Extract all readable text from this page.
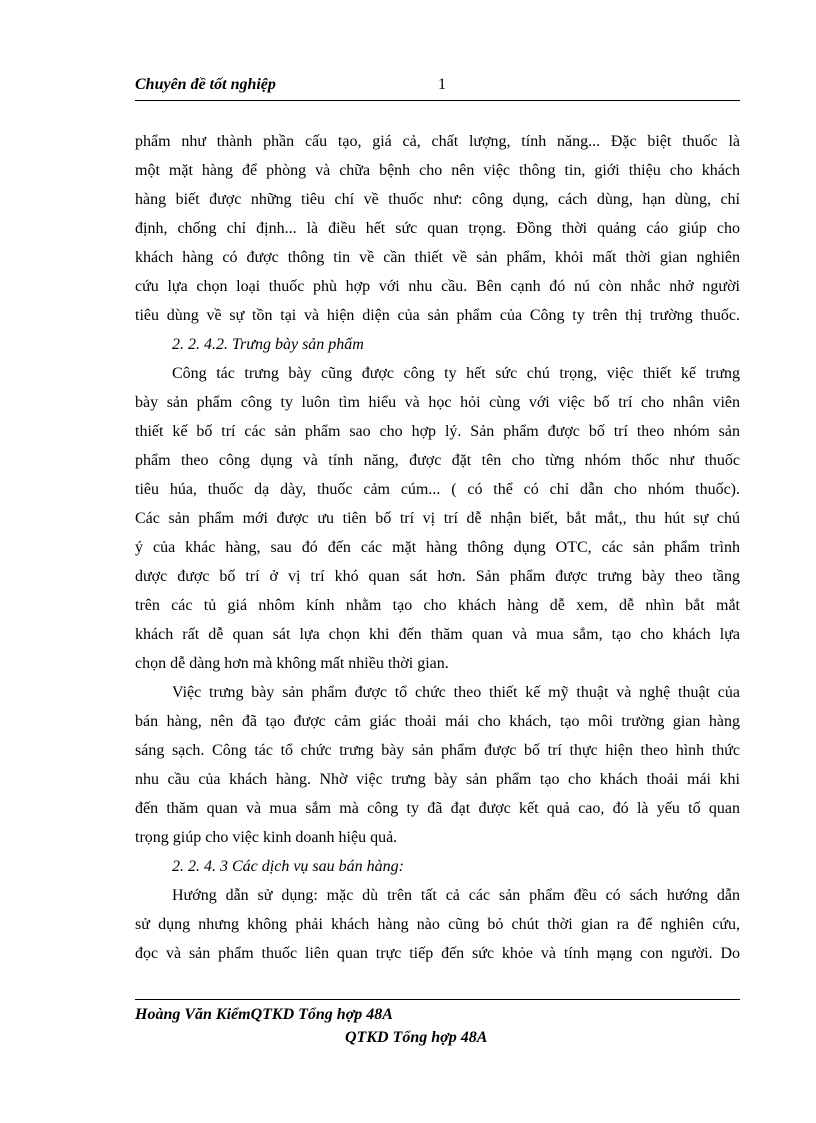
Chuyên đề tốt nghiệp	1
phẩm như thành phần cấu tạo, giá cả, chất lượng, tính năng... Đặc biệt thuốc là
một mặt hàng để phòng và chữa bệnh cho nên việc thông tin, giới thiệu cho khách
hàng biết được những tiêu chí về thuốc như: công dụng, cách dùng, hạn dùng, chỉ
định, chống chỉ định... là điều hết sức quan trọng. Đồng thời quảng cáo giúp cho
khách hàng có được thông tin về cần thiết về sản phẩm, khỏi mất thời gian nghiên
cứu lựa chọn loại thuốc phù hợp với nhu cầu. Bên cạnh đó nú còn nhắc nhở người
tiêu dùng về sự tồn tại và hiện diện của sản phẩm của Công ty trên thị trường thuốc.
2. 2. 4.2. Trưng bày sản phẩm
Công tác trưng bày cũng được công ty hết sức chú trọng, việc thiết kế trưng
bày sản phẩm công ty luôn tìm hiểu và học hỏi cùng với việc bố trí cho nhân viên
thiết kế bố trí các sản phẩm sao cho hợp lý. Sản phẩm được bố trí theo nhóm sản
phẩm theo công dụng và tính năng, được đặt tên cho từng nhóm thốc như thuốc
tiêu húa, thuốc dạ dày, thuốc cảm cúm... ( có thể có chỉ dẫn cho nhóm thuốc).
Các sản phẩm mới được ưu tiên bố trí vị trí dễ nhận biết, bắt mắt,, thu hút sự chú
ý của khác hàng, sau đó đến các mặt hàng thông dụng OTC, các sản phẩm trình
dược được bố trí ở vị trí khó quan sát hơn. Sản phẩm được trưng bày theo tầng
trên các tủ giá nhôm kính nhằm tạo cho khách hàng dễ xem, dễ nhìn bắt mắt
khách rất dễ quan sát lựa chọn khi đến thăm quan và mua sắm, tạo cho khách lựa
chọn dễ dàng hơn mà không mất nhiều thời gian.
Việc trưng bày sản phẩm được tổ chức theo thiết kế mỹ thuật và nghệ thuật của
bán hàng, nên đã tạo được cảm giác thoải mái cho khách, tạo môi trường gian hàng
sáng sạch. Công tác tổ chức trưng bày sản phẩm được bố trí thực hiện theo hình thức
nhu cầu của khách hàng. Nhờ việc trưng bày sản phẩm tạo cho khách thoải mái khi
đến thăm quan và mua sắm mà công ty đã đạt được kết quả cao, đó là yếu tố quan
trọng giúp cho việc kinh doanh hiệu quả.
2. 2. 4. 3 Các dịch vụ sau bán hàng:
Hướng dẫn sử dụng: mặc dù trên tất cả các sản phẩm đều có sách hướng dẫn
sử dụng nhưng không phải khách hàng nào cũng bỏ chút thời gian ra để nghiên cứu,
đọc và sản phẩm thuốc liên quan trực tiếp đến sức khỏe và tính mạng con người. Do
Hoàng Văn KiểmQTKD Tổng hợp 48A
QTKD Tổng hợp 48A
